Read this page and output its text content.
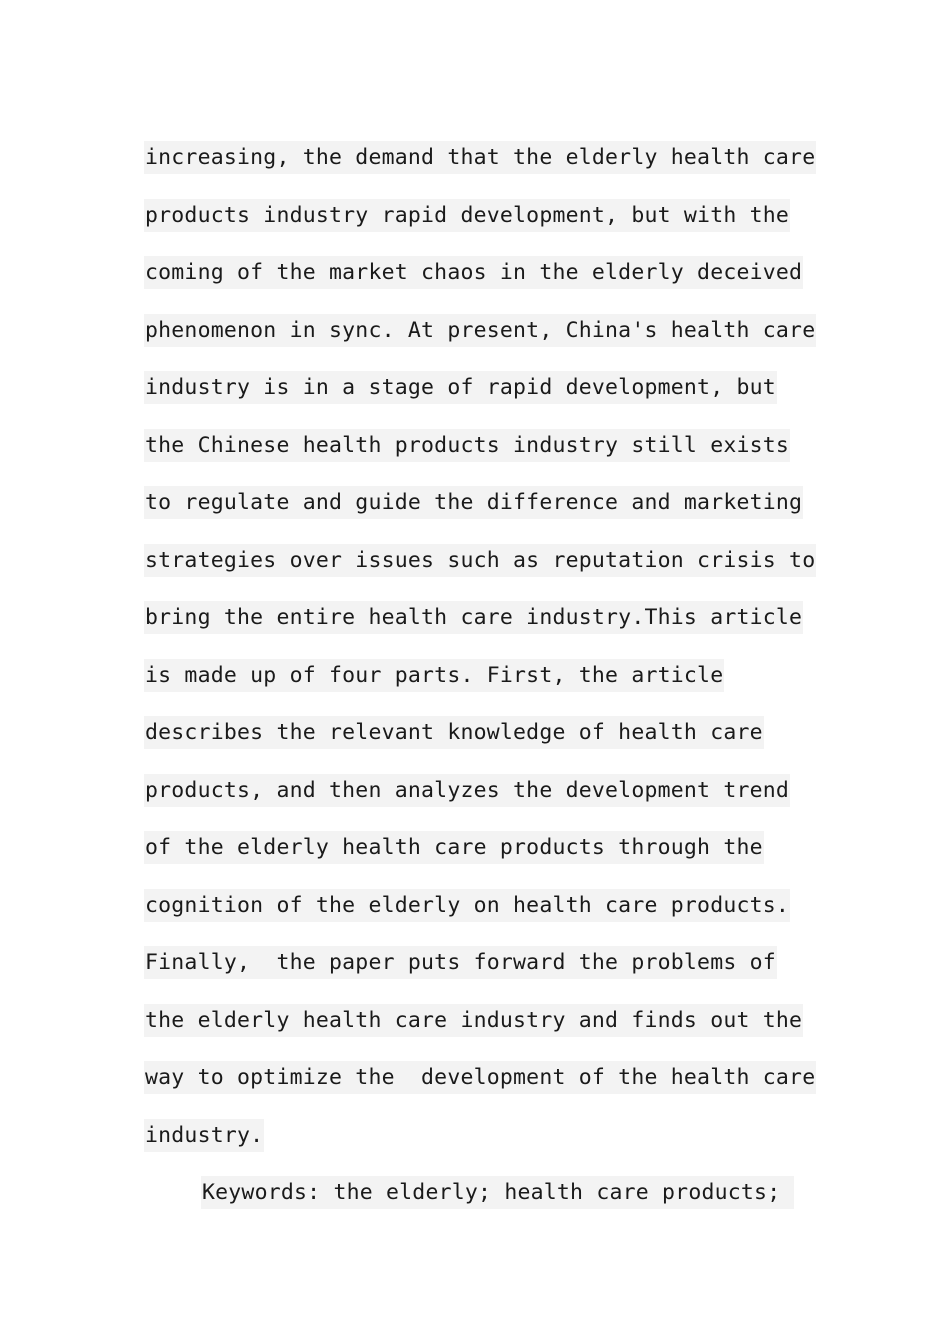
increasing, the demand that the elderly health care
products industry rapid development, but with the
coming of the market chaos in the elderly deceived
phenomenon in sync. At present, China's health care
industry is in a stage of rapid development, but
the Chinese health products industry still exists
to regulate and guide the difference and marketing
strategies over issues such as reputation crisis to
bring the entire health care industry.This article
is made up of four parts. First, the article
describes the relevant knowledge of health care
products, and then analyzes the development trend
of the elderly health care products through the
cognition of the elderly on health care products.
Finally,  the paper puts forward the problems of
the elderly health care industry and finds out the
way to optimize the  development of the health care
industry.
Keywords: the elderly; health care products;
